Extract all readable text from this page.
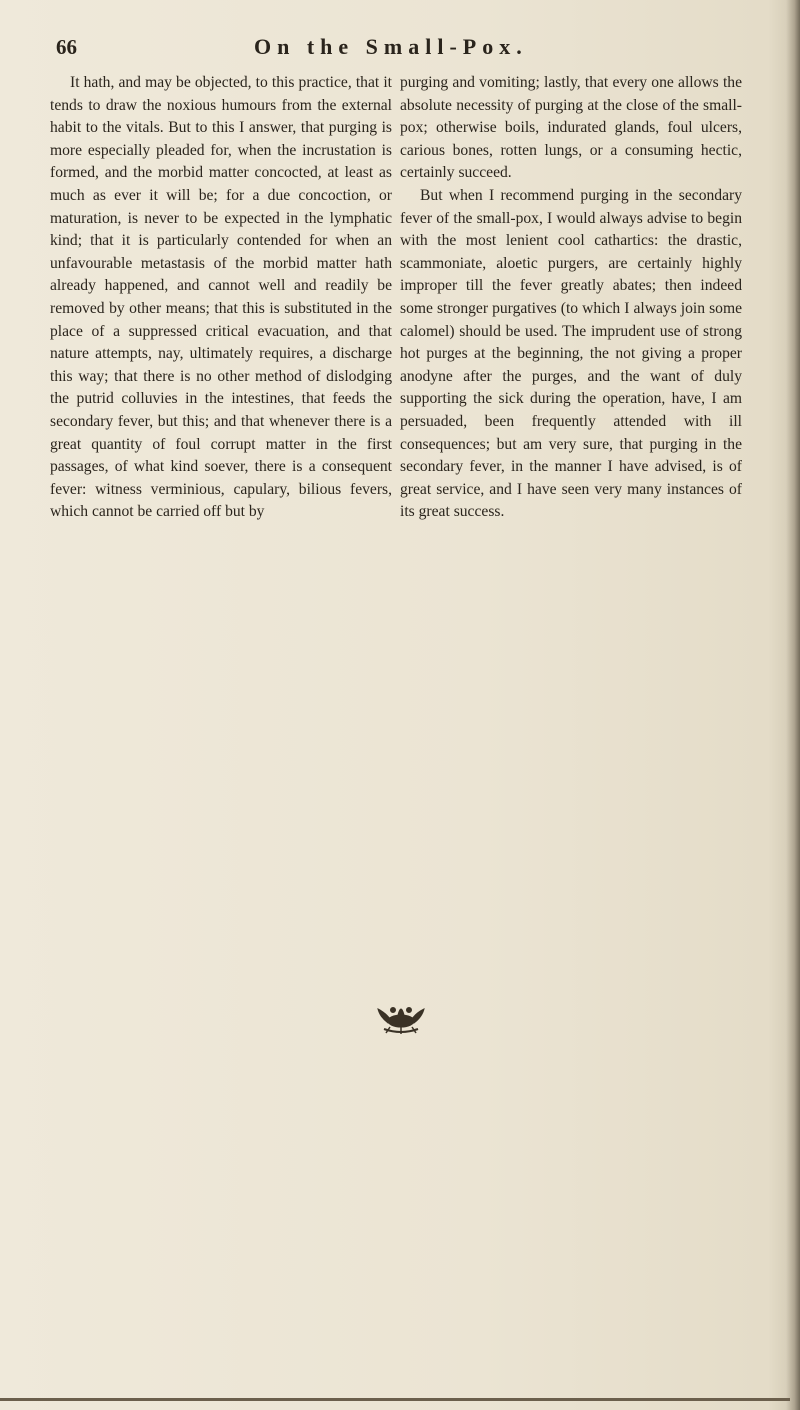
66	On the Small-Pox.

It hath, and may be objected, to this practice, that it tends to draw the noxious humours from the external habit to the vitals. But to this I answer, that purging is more especially pleaded for, when the incrustation is formed, and the morbid matter concocted, at least as much as ever it will be; for a due concoction, or maturation, is never to be expected in the lymphatic kind; that it is particularly contended for when an unfavourable metastasis of the morbid matter hath already happened, and cannot well and readily be removed by other means; that this is substituted in the place of a suppressed critical evacuation, and that nature attempts, nay, ultimately requires, a discharge this way; that there is no other method of dislodging the putrid colluvies in the intestines, that feeds the secondary fever, but this; and that whenever there is a great quantity of foul corrupt matter in the first passages, of what kind soever, there is a consequent fever: witness verminious, capulary, bilious fevers, which cannot be carried off but by

purging and vomiting; lastly, that every one allows the absolute necessity of purging at the close of the small-pox; otherwise boils, indurated glands, foul ulcers, carious bones, rotten lungs, or a consuming hectic, certainly succeed.

But when I recommend purging in the secondary fever of the small-pox, I would always advise to begin with the most lenient cool cathartics: the drastic, scammoniate, aloetic purgers, are certainly highly improper till the fever greatly abates; then indeed some stronger purgatives (to which I always join some calomel) should be used. The imprudent use of strong hot purges at the beginning, the not giving a proper anodyne after the purges, and the want of duly supporting the sick during the operation, have, I am persuaded, been frequently attended with ill consequences; but am very sure, that purging in the secondary fever, in the manner I have advised, is of great service, and I have seen very many instances of its great success.
